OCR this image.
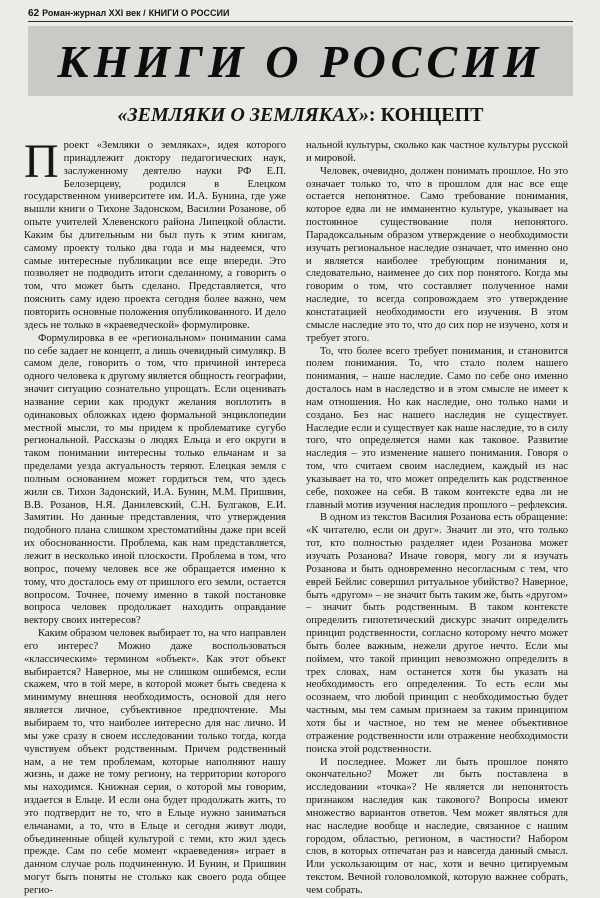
62 Роман-журнал XXI век / КНИГИ О РОССИИ
КНИГИ О РОССИИ
«ЗЕМЛЯКИ О ЗЕМЛЯКАХ»: КОНЦЕПТ

Проект «Земляки о земляках», идея которого принадлежит доктору педагогических наук, заслуженному деятелю науки РФ Е.П. Белозерцеву, родился в Елецком государственном университете им. И.А. Бунина, где уже вышли книги о Тихоне Задонском, Василии Розанове, об опыте учителей Хлевенского района Липецкой области. Каким бы длительным ни был путь к этим книгам, самому проекту только два года и мы надеемся, что самые интересные публикации все еще впереди. Это позволяет не подводить итоги сделанному, а говорить о том, что может быть сделано. Представляется, что пояснить саму идею проекта сегодня более важно, чем повторить основные положения опубликованного. И дело здесь не только в «краеведческой» формулировке.

Формулировка в ее «региональном» понимании сама по себе задает не концепт, а лишь очевидный симулякр. В самом деле, говорить о том, что причиной интереса одного человека к другому является общность географии, значит ситуацию сознательно упрощать. Если оценивать название серии как продукт желания воплотить в одинаковых обложках идею формальной энциклопедии местной мысли, то мы придем к проблематике сугубо региональной. Рассказы о людях Ельца и его округи в таком понимании интересны только ельчанам и за пределами уезда актуальность теряют. Елецкая земля с полным основанием может гордиться тем, что здесь жили св. Тихон Задонский, И.А. Бунин, М.М. Пришвин, В.В. Розанов, Н.Я. Данилевский, С.Н. Булгаков, Е.И. Замятин. Но данные представления, что утверждения подобного плана слишком хрестоматийны даже при всей их обоснованности. Проблема, как нам представляется, лежит в несколько иной плоскости. Проблема в том, что вопрос, почему человек все же обращается именно к тому, что досталось ему от пришлого его земли, остается вопросом. Точнее, почему именно в такой постановке вопроса человек продолжает находить оправдание вектору своих интересов?

Каким образом человек выбирает то, на что направлен его интерес? Можно даже воспользоваться «классическим» термином «объект». Как этот объект выбирается? Наверное, мы не слишком ошибемся, если скажем, что в той мере, в которой может быть сведена к минимуму внешняя необходимость, основой для него является личное, субъективное предпочтение. Мы выбираем то, что наиболее интересно для нас лично. И мы уже сразу в своем исследовании только тогда, когда чувствуем объект родственным. Причем родственный нам, а не тем проблемам, которые наполняют нашу жизнь, и даже не тому региону, на территории которого мы находимся. Книжная серия, о которой мы говорим, издается в Ельце. И если она будет продолжать жить, то это подтвердит не то, что в Ельце нужно заниматься ельчанами, а то, что в Ельце и сегодня живут люди, объединенные общей культурой с теми, кто жил здесь прежде. Сам по себе момент «краеведения» играет в данном случае роль подчиненную. И Бунин, и Пришвин могут быть поняты не столько как своего рода общее регио-

нальной культуры, сколько как частное культуры русской и мировой.

Человек, очевидно, должен понимать прошлое. Но это означает только то, что в прошлом для нас все еще остается непонятное. Само требование понимания, которое едва ли не имманентно культуре, указывает на постоянное существование поля непонятого. Парадоксальным образом утверждение о необходимости изучать региональное наследие означает, что именно оно и является наиболее требующим понимания и, следовательно, наименее до сих пор понятого. Когда мы говорим о том, что составляет полученное нами наследие, то всегда сопровождаем это утверждение констатацией необходимости его изучения. В этом смысле наследие это то, что до сих пор не изучено, хотя и требует этого.

То, что более всего требует понимания, и становится полем понимания. То, что стало полем нашего понимания, – наше наследие. Само по себе оно именно досталось нам в наследство и в этом смысле не имеет к нам отношения. Но как наследие, оно только нами и создано. Без нас нашего наследия не существует. Наследие если и существует как наше наследие, то в силу того, что определяется нами как таковое. Развитие наследия – это изменение нашего понимания. Говоря о том, что считаем своим наследием, каждый из нас указывает на то, что может определить как родственное себе, похожее на себя. В таком контексте едва ли не главный мотив изучения наследия прошлого – рефлексия.

В одном из текстов Василия Розанова есть обращение: «К читателю, если он друг». Значит ли это, что только тот, кто полностью разделяет идеи Розанова может изучать Розанова? Иначе говоря, могу ли я изучать Розанова и быть одновременно несогласным с тем, что еврей Бейлис совершил ритуальное убийство? Наверное, быть «другом» – не значит быть таким же, быть «другом» – значит быть родственным. В таком контексте определить гипотетический дискурс значит определить принцип родственности, согласно которому нечто может быть более важным, нежели другое нечто. Если мы поймем, что такой принцип невозможно определить в трех словах, нам останется хотя бы указать на необходимость его определения. То есть если мы осознаем, что любой принцип с необходимостью будет частным, мы тем самым признаем за таким принципом хотя бы и частное, но тем не менее объективное отражение родственности или отражение необходимости поиска этой родственности.

И последнее. Может ли быть прошлое понято окончательно? Может ли быть поставлена в исследовании «точка»? Не является ли непонятость признаком наследия как такового? Вопросы имеют множество вариантов ответов. Чем может являться для нас наследие вообще и наследие, связанное с нашим городом, областью, регионом, в частности? Набором слов, в которых отпечатан раз и навсегда данный смысл. Или ускользающим от нас, хотя и вечно цитируемым текстом. Вечной головоломкой, которую важнее собрать, чем собрать.
